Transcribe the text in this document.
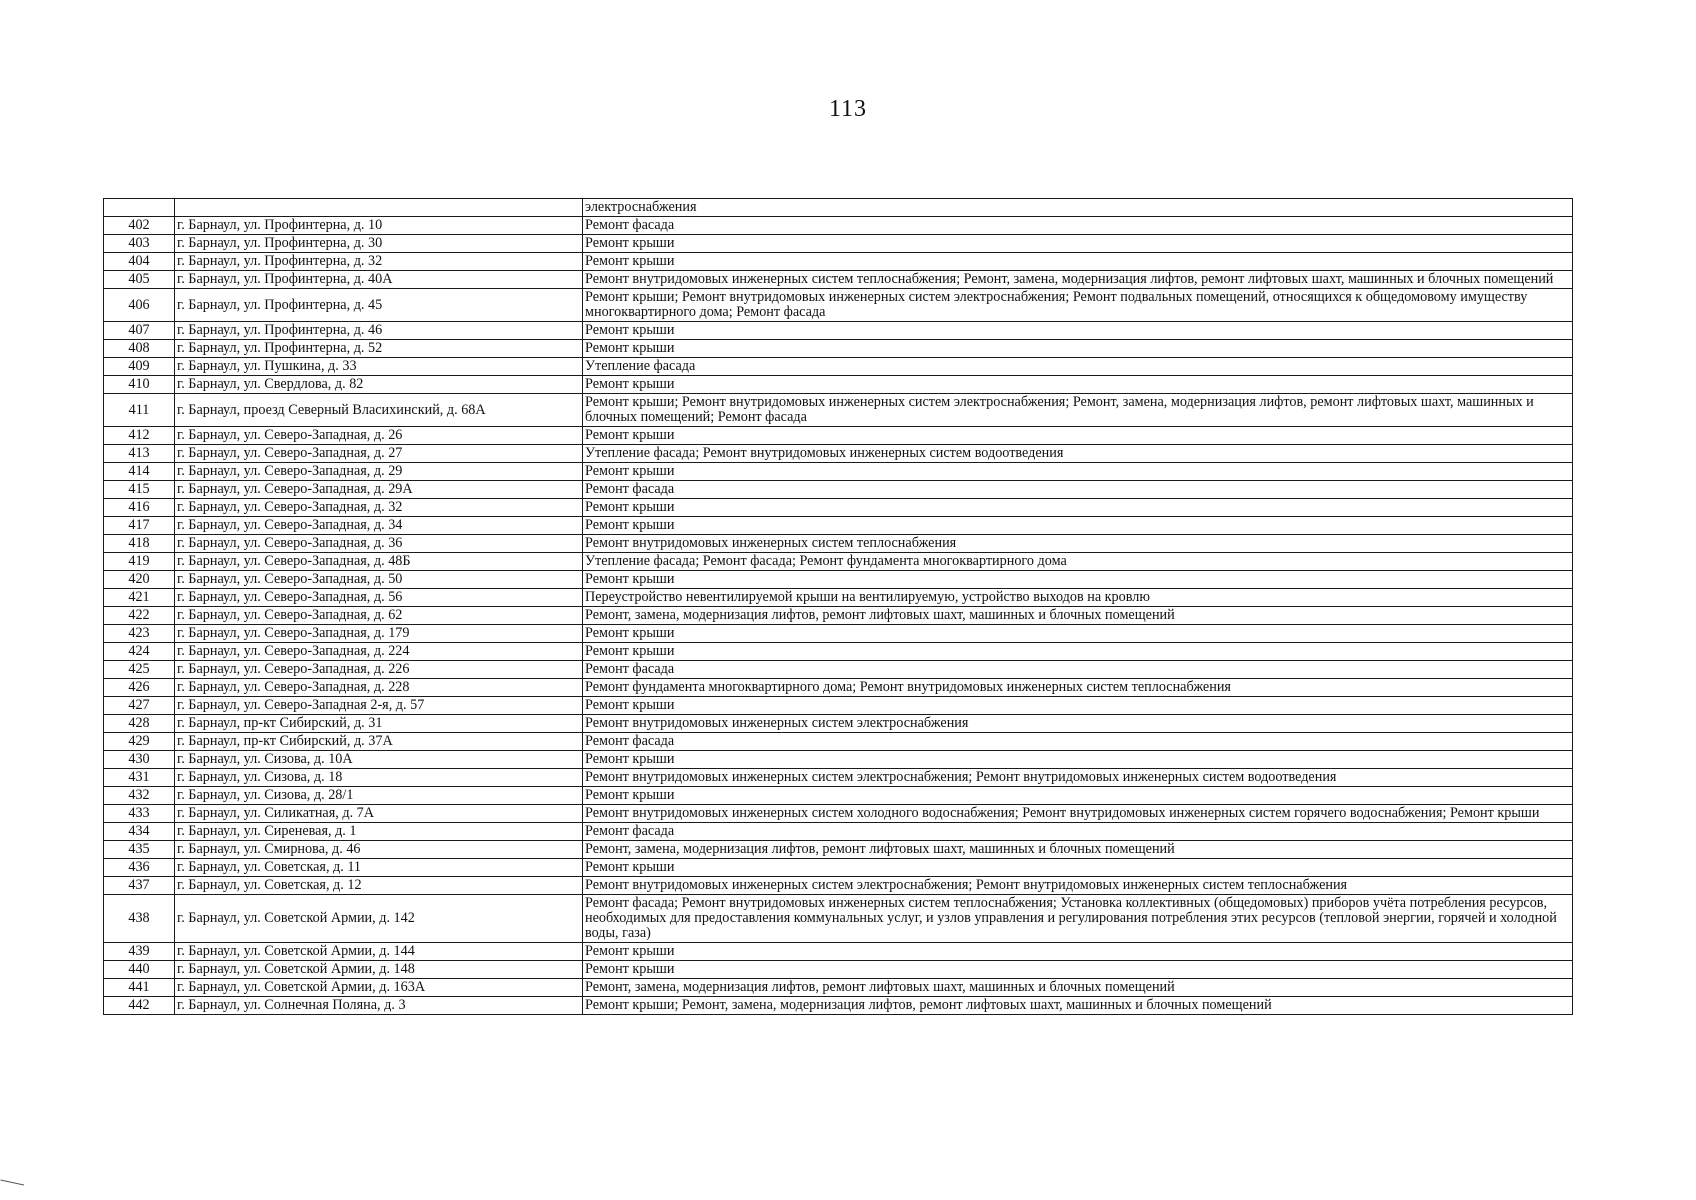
113
		электроснабжения
402	г. Барнаул, ул. Профинтерна, д. 10	Ремонт фасада
403	г. Барнаул, ул. Профинтерна, д. 30	Ремонт крыши
404	г. Барнаул, ул. Профинтерна, д. 32	Ремонт крыши
405	г. Барнаул, ул. Профинтерна, д. 40А	Ремонт внутридомовых инженерных систем теплоснабжения; Ремонт, замена, модернизация лифтов, ремонт лифтовых шахт, машинных и блочных помещений
406	г. Барнаул, ул. Профинтерна, д. 45	Ремонт крыши; Ремонт внутридомовых инженерных систем электроснабжения; Ремонт подвальных помещений, относящихся к общедомовому имуществу многоквартирного дома; Ремонт фасада
407	г. Барнаул, ул. Профинтерна, д. 46	Ремонт крыши
408	г. Барнаул, ул. Профинтерна, д. 52	Ремонт крыши
409	г. Барнаул, ул. Пушкина, д. 33	Утепление фасада
410	г. Барнаул, ул. Свердлова, д. 82	Ремонт крыши
411	г. Барнаул, проезд Северный Власихинский, д. 68А	Ремонт крыши; Ремонт внутридомовых инженерных систем электроснабжения; Ремонт, замена, модернизация лифтов, ремонт лифтовых шахт, машинных и блочных помещений; Ремонт фасада
412	г. Барнаул, ул. Северо-Западная, д. 26	Ремонт крыши
413	г. Барнаул, ул. Северо-Западная, д. 27	Утепление фасада; Ремонт внутридомовых инженерных систем водоотведения
414	г. Барнаул, ул. Северо-Западная, д. 29	Ремонт крыши
415	г. Барнаул, ул. Северо-Западная, д. 29А	Ремонт фасада
416	г. Барнаул, ул. Северо-Западная, д. 32	Ремонт крыши
417	г. Барнаул, ул. Северо-Западная, д. 34	Ремонт крыши
418	г. Барнаул, ул. Северо-Западная, д. 36	Ремонт внутридомовых инженерных систем теплоснабжения
419	г. Барнаул, ул. Северо-Западная, д. 48Б	Утепление фасада; Ремонт фасада; Ремонт фундамента многоквартирного дома
420	г. Барнаул, ул. Северо-Западная, д. 50	Ремонт крыши
421	г. Барнаул, ул. Северо-Западная, д. 56	Переустройство невентилируемой крыши на вентилируемую, устройство выходов на кровлю
422	г. Барнаул, ул. Северо-Западная, д. 62	Ремонт, замена, модернизация лифтов, ремонт лифтовых шахт, машинных и блочных помещений
423	г. Барнаул, ул. Северо-Западная, д. 179	Ремонт крыши
424	г. Барнаул, ул. Северо-Западная, д. 224	Ремонт крыши
425	г. Барнаул, ул. Северо-Западная, д. 226	Ремонт фасада
426	г. Барнаул, ул. Северо-Западная, д. 228	Ремонт фундамента многоквартирного дома; Ремонт внутридомовых инженерных систем теплоснабжения
427	г. Барнаул, ул. Северо-Западная 2-я, д. 57	Ремонт крыши
428	г. Барнаул, пр-кт Сибирский, д. 31	Ремонт внутридомовых инженерных систем электроснабжения
429	г. Барнаул, пр-кт Сибирский, д. 37А	Ремонт фасада
430	г. Барнаул, ул. Сизова, д. 10А	Ремонт крыши
431	г. Барнаул, ул. Сизова, д. 18	Ремонт внутридомовых инженерных систем электроснабжения; Ремонт внутридомовых инженерных систем водоотведения
432	г. Барнаул, ул. Сизова, д. 28/1	Ремонт крыши
433	г. Барнаул, ул. Силикатная, д. 7А	Ремонт внутридомовых инженерных систем холодного водоснабжения; Ремонт внутридомовых инженерных систем горячего водоснабжения; Ремонт крыши
434	г. Барнаул, ул. Сиреневая, д. 1	Ремонт фасада
435	г. Барнаул, ул. Смирнова, д. 46	Ремонт, замена, модернизация лифтов, ремонт лифтовых шахт, машинных и блочных помещений
436	г. Барнаул, ул. Советская, д. 11	Ремонт крыши
437	г. Барнаул, ул. Советская, д. 12	Ремонт внутридомовых инженерных систем электроснабжения; Ремонт внутридомовых инженерных систем теплоснабжения
438	г. Барнаул, ул. Советской Армии, д. 142	Ремонт фасада; Ремонт внутридомовых инженерных систем теплоснабжения; Установка коллективных (общедомовых) приборов учёта потребления ресурсов, необходимых для предоставления коммунальных услуг, и узлов управления и регулирования потребления этих ресурсов (тепловой энергии, горячей и холодной воды, газа)
439	г. Барнаул, ул. Советской Армии, д. 144	Ремонт крыши
440	г. Барнаул, ул. Советской Армии, д. 148	Ремонт крыши
441	г. Барнаул, ул. Советской Армии, д. 163А	Ремонт, замена, модернизация лифтов, ремонт лифтовых шахт, машинных и блочных помещений
442	г. Барнаул, ул. Солнечная Поляна, д. 3	Ремонт крыши; Ремонт, замена, модернизация лифтов, ремонт лифтовых шахт, машинных и блочных помещений
